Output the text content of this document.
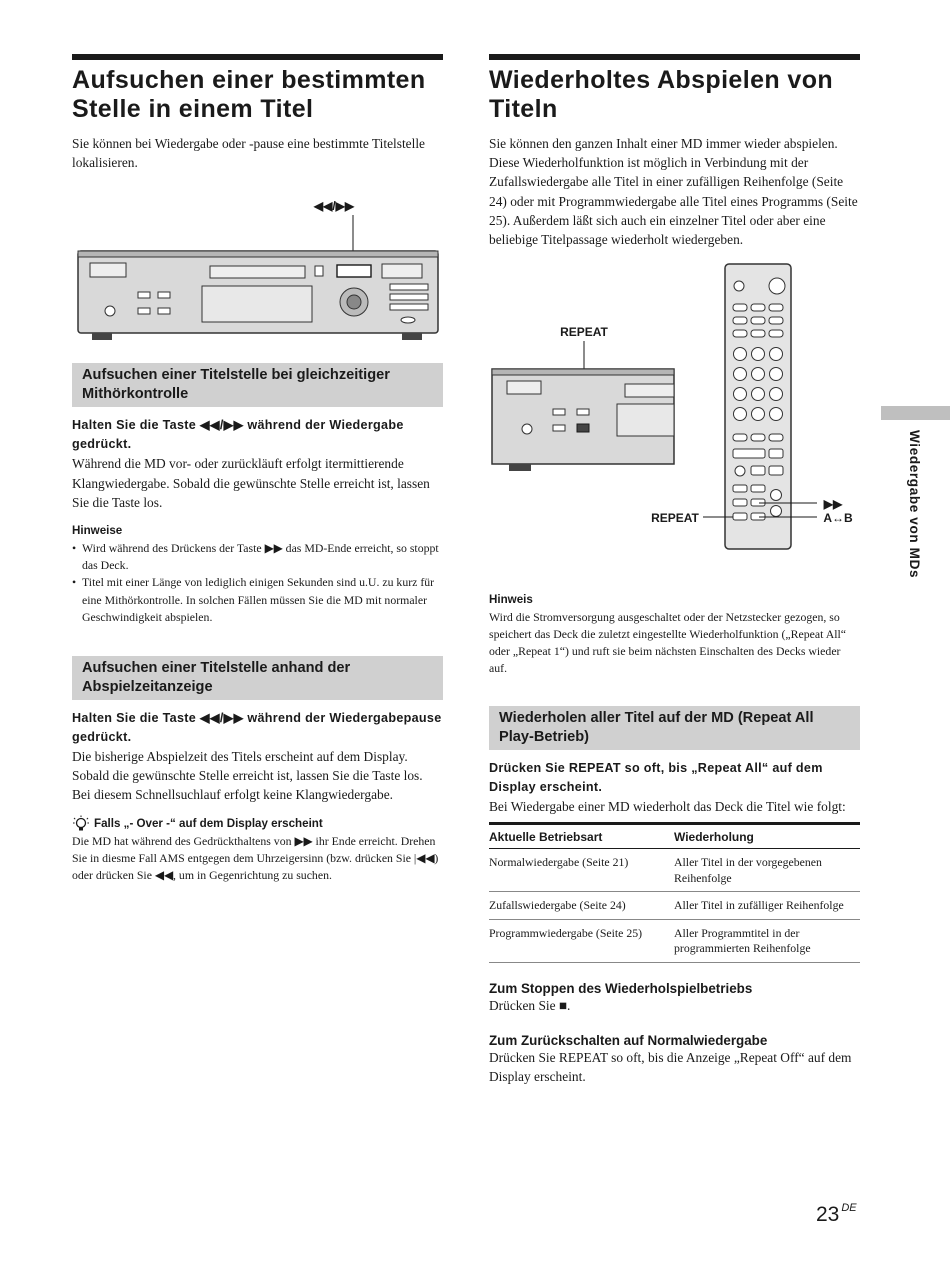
Aufsuchen einer bestimmten Stelle in einem Titel

Sie können bei Wiedergabe oder -pause eine bestimmte Titelstelle lokalisieren.

◀◀/▶▶
Aufsuchen einer Titelstelle bei gleichzeitiger Mithörkontrolle

Halten Sie die Taste ◀◀/▶▶ während der Wiedergabe gedrückt.

Während die MD vor- oder zurückläuft erfolgt itermittierende Klangwiedergabe. Sobald die gewünschte Stelle erreicht ist, lassen Sie die Taste los.

Hinweise

• Wird während des Drückens der Taste ▶▶ das MD-Ende erreicht, so stoppt das Deck.
• Titel mit einer Länge von lediglich einigen Sekunden sind u.U. zu kurz für eine Mithörkontrolle. In solchen Fällen müssen Sie die MD mit normaler Geschwindigkeit abspielen.
Aufsuchen einer Titelstelle anhand der Abspielzeitanzeige

Halten Sie die Taste ◀◀/▶▶ während der Wiedergabepause gedrückt.

Die bisherige Abspielzeit des Titels erscheint auf dem Display. Sobald die gewünschte Stelle erreicht ist, lassen Sie die Taste los. Bei diesem Schnellsuchlauf erfolgt keine Klangwiedergabe.

Falls „- Over -“ auf dem Display erscheint

Die MD hat während des Gedrückthaltens von ▶▶ ihr Ende erreicht. Drehen Sie in diesme Fall AMS entgegen dem Uhrzeigersinn (bzw. drücken Sie |◀◀) oder drücken Sie ◀◀, um in Gegenrichtung zu suchen.

Wiederholtes Abspielen von Titeln

Sie können den ganzen Inhalt einer MD immer wieder abspielen. Diese Wiederholfunktion ist möglich in Verbindung mit der Zufallswiedergabe alle Titel in einer zufälligen Reihenfolge (Seite 24) oder mit Programmwiedergabe alle Titel eines Programms (Seite 25). Außerdem läßt sich auch ein einzelner Titel oder aber eine beliebige Titelpassage wiederholt wiedergeben.

REPEAT
▶▶
A↔B
REPEAT

Hinweis

Wird die Stromversorgung ausgeschaltet oder der Netzstecker gezogen, so speichert das Deck die zuletzt eingestellte Wiederholfunktion („Repeat All“ oder „Repeat 1“) und ruft sie beim nächsten Einschalten des Decks wieder auf.

Wiederholen aller Titel auf der MD (Repeat All Play-Betrieb)

Drücken Sie REPEAT so oft, bis „Repeat All“ auf dem Display erscheint.

Bei Wiedergabe einer MD wiederholt das Deck die Titel wie folgt:

Aktuelle Betriebsart	Wiederholung
Normalwiedergabe (Seite 21)	Aller Titel in der vorgegebenen Reihenfolge
Zufallswiedergabe (Seite 24)	Aller Titel in zufälliger Reihenfolge
Programmwiedergabe (Seite 25)	Aller Programmtitel in der programmierten Reihenfolge

Zum Stoppen des Wiederholspielbetriebs

Drücken Sie ■.

Zum Zurückschalten auf Normalwiedergabe

Drücken Sie REPEAT so oft, bis die Anzeige „Repeat Off“ auf dem Display erscheint.

Wiedergabe von MDs
23 $^{DE}$
